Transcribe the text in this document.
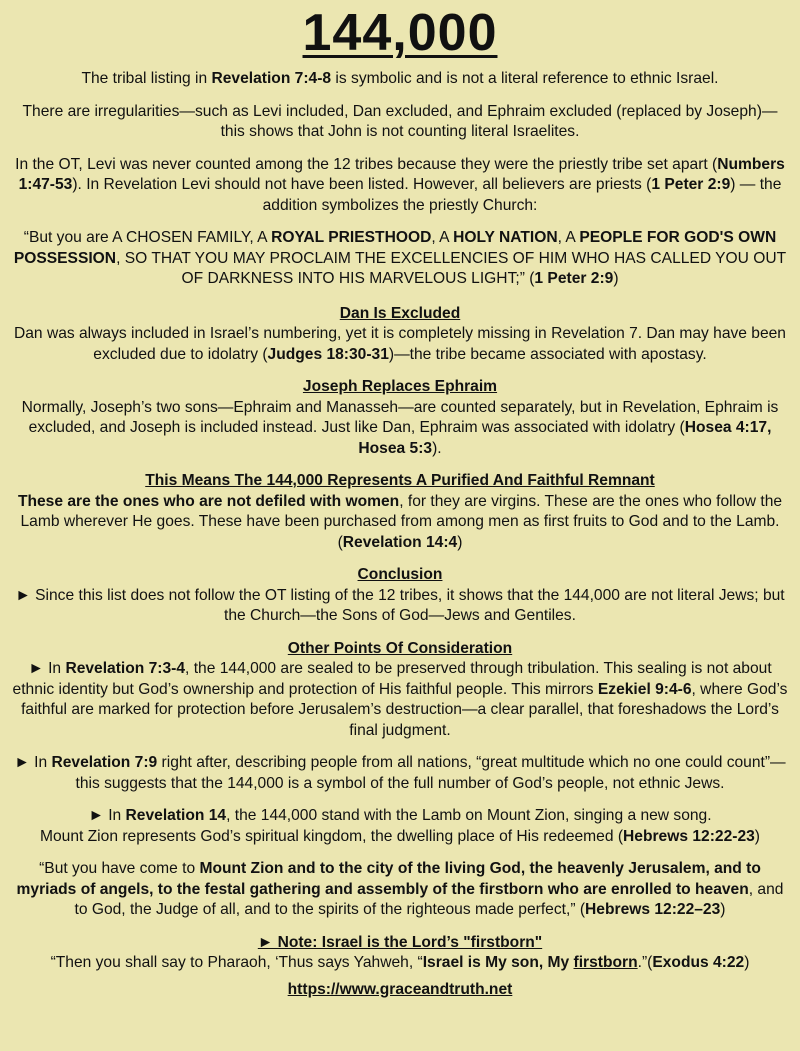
144,000

The tribal listing in Revelation 7:4-8 is symbolic and is not a literal reference to ethnic Israel.

There are irregularities—such as Levi included, Dan excluded, and Ephraim excluded (replaced by Joseph)—this shows that John is not counting literal Israelites.

In the OT, Levi was never counted among the 12 tribes because they were the priestly tribe set apart (Numbers 1:47-53). In Revelation Levi should not have been listed. However, all believers are priests (1 Peter 2:9) — the addition symbolizes the priestly Church:

“But you are A CHOSEN FAMILY, A ROYAL PRIESTHOOD, A HOLY NATION, A PEOPLE FOR GOD'S OWN POSSESSION, SO THAT YOU MAY PROCLAIM THE EXCELLENCIES OF HIM WHO HAS CALLED YOU OUT OF DARKNESS INTO HIS MARVELOUS LIGHT;” (1 Peter 2:9)

Dan Is Excluded

Dan was always included in Israel’s numbering, yet it is completely missing in Revelation 7. Dan may have been excluded due to idolatry (Judges 18:30-31)—the tribe became associated with apostasy.

Joseph Replaces Ephraim

Normally, Joseph’s two sons—Ephraim and Manasseh—are counted separately, but in Revelation, Ephraim is excluded, and Joseph is included instead. Just like Dan, Ephraim was associated with idolatry (Hosea 4:17, Hosea 5:3).

This Means The 144,000 Represents A Purified And Faithful Remnant

These are the ones who are not defiled with women, for they are virgins. These are the ones who follow the Lamb wherever He goes. These have been purchased from among men as first fruits to God and to the Lamb. (Revelation 14:4)

Conclusion

► Since this list does not follow the OT listing of the 12 tribes, it shows that the 144,000 are not literal Jews; but the Church—the Sons of God—Jews and Gentiles.

Other Points Of Consideration

► In Revelation 7:3-4, the 144,000 are sealed to be preserved through tribulation. This sealing is not about ethnic identity but God’s ownership and protection of His faithful people. This mirrors Ezekiel 9:4-6, where God’s faithful are marked for protection before Jerusalem’s destruction—a clear parallel, that foreshadows the Lord’s final judgment.

► In Revelation 7:9 right after, describing people from all nations, “great multitude which no one could count”—this suggests that the 144,000 is a symbol of the full number of God’s people, not ethnic Jews.

► In Revelation 14, the 144,000 stand with the Lamb on Mount Zion, singing a new song.

Mount Zion represents God’s spiritual kingdom, the dwelling place of His redeemed (Hebrews 12:22-23)

“But you have come to Mount Zion and to the city of the living God, the heavenly Jerusalem, and to myriads of angels, to the festal gathering and assembly of the firstborn who are enrolled to heaven, and to God, the Judge of all, and to the spirits of the righteous made perfect,” (Hebrews 12:22–23)

► Note: Israel is the Lord’s "firstborn"

“Then you shall say to Pharaoh, ‘Thus says Yahweh, “Israel is My son, My firstborn.”(Exodus 4:22)

https://www.graceandtruth.net
